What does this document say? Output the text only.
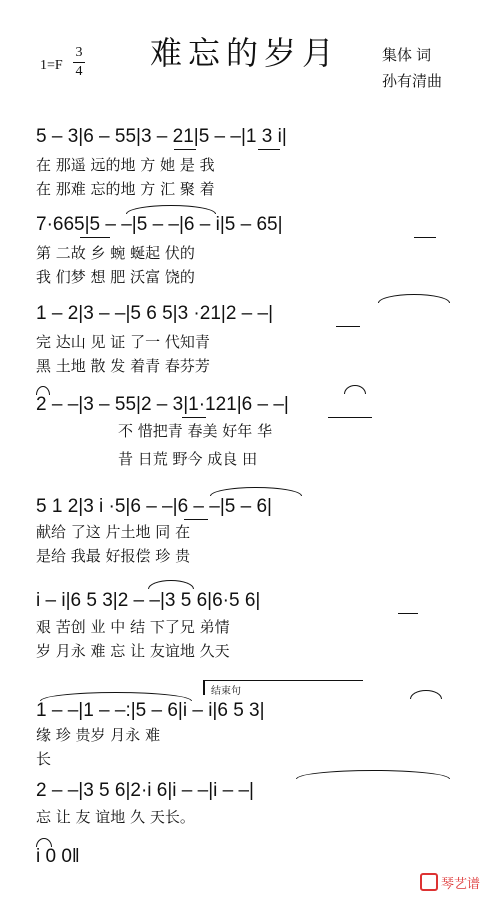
难忘的岁月
1=F
3
4
集体 词
孙有清曲
5 – 3|6 – 55|3 – 21|5 – –|1 3 i|
在 那遥 远的地 方 她 是 我
在 那难 忘的地 方 汇 聚 着
7·665|5 – –|5 – –|6 – i|5 – 65|
第 二故 乡 蜿 蜒起 伏的
我 们梦 想 肥 沃富 饶的
1 – 2|3 – –|5 6 5|3 ·21|2 – –|
完 达山 见 证 了一 代知青
黑 土地 散 发 着青 春芬芳
2 – –|3 – 55|2 – 3|1·121|6 – –|
不 惜把青 春美 好年 华
昔 日荒 野今 成良 田
5 1 2|3 i ·5|6 – –|6 – –|5 – 6|
献给 了这 片土地 同 在
是给 我最 好报偿 珍 贵
i – i|6 5 3|2 – –|3 5 6|6·5 6|
艰 苦创 业 中 结 下了兄 弟情
岁 月永 难 忘 让 友谊地 久天
结束句
1 – –|1 – –:|5 – 6|i – i|6 5 3|
缘 珍 贵岁 月永 难
长
2 – –|3 5 6|2·i 6|i – –|i – –|
忘 让 友 谊地 久 天长。
i 0 0‖
琴艺谱
